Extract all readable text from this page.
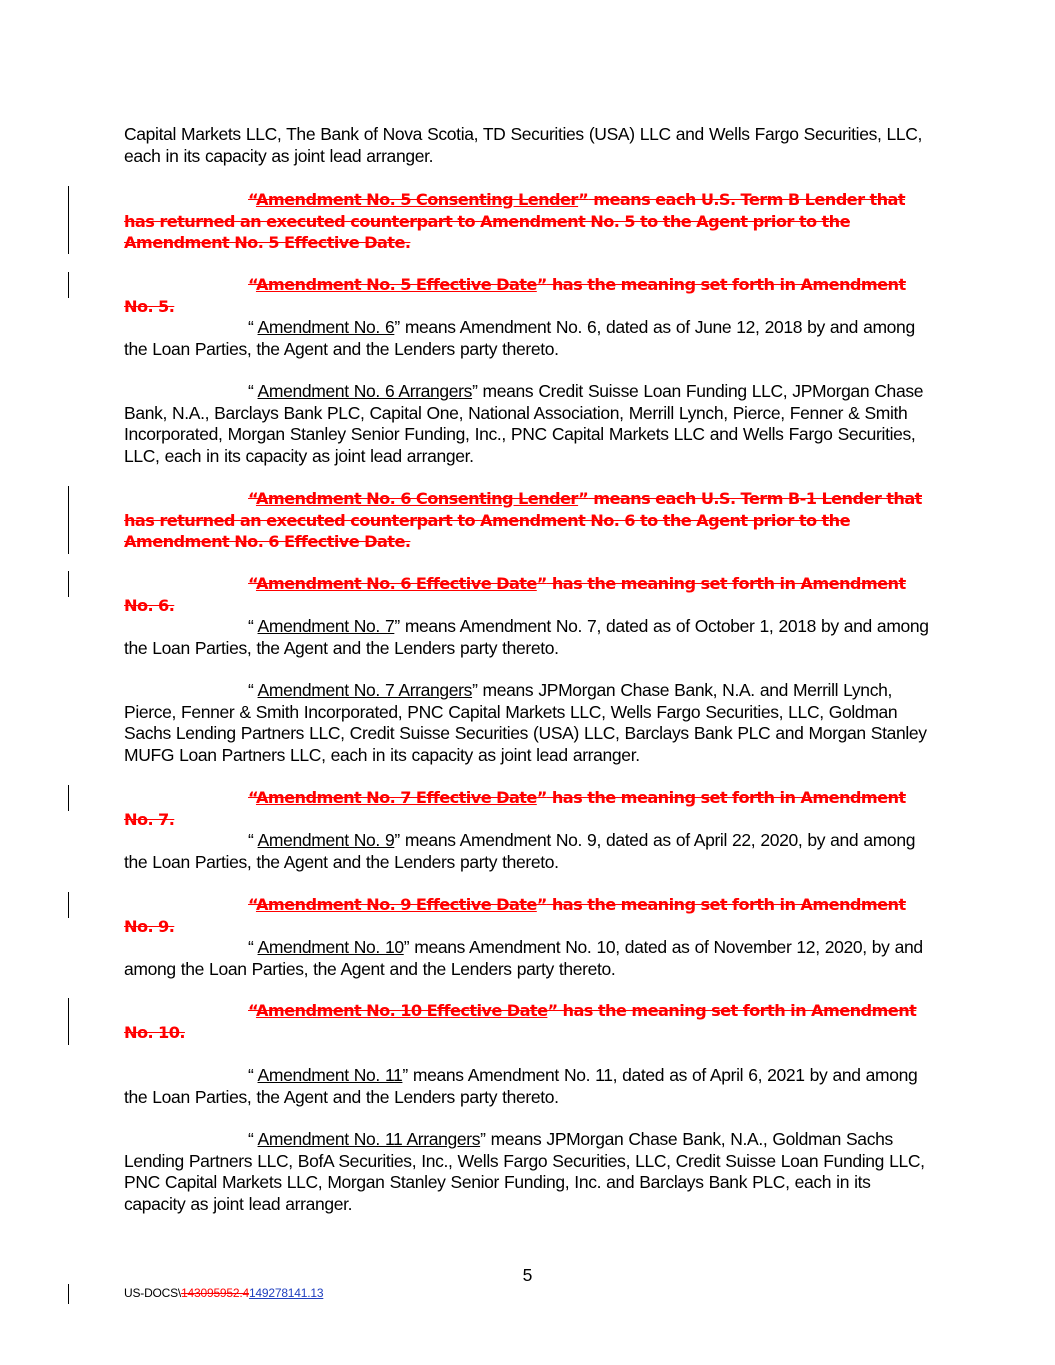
Capital Markets LLC, The Bank of Nova Scotia, TD Securities (USA) LLC and Wells Fargo Securities, LLC, each in its capacity as joint lead arranger.
“Amendment No. 5 Consenting Lender” means each U.S. Term B Lender that has returned an executed counterpart to Amendment No. 5 to the Agent prior to the Amendment No. 5 Effective Date.
“Amendment No. 5 Effective Date” has the meaning set forth in Amendment No. 5.
“ Amendment No. 6” means Amendment No. 6, dated as of June 12, 2018 by and among the Loan Parties, the Agent and the Lenders party thereto.
“ Amendment No. 6 Arrangers” means Credit Suisse Loan Funding LLC, JPMorgan Chase Bank, N.A., Barclays Bank PLC, Capital One, National Association, Merrill Lynch, Pierce, Fenner & Smith Incorporated, Morgan Stanley Senior Funding, Inc., PNC Capital Markets LLC and Wells Fargo Securities, LLC, each in its capacity as joint lead arranger.
“Amendment No. 6 Consenting Lender” means each U.S. Term B-1 Lender that has returned an executed counterpart to Amendment No. 6 to the Agent prior to the Amendment No. 6 Effective Date.
“Amendment No. 6 Effective Date” has the meaning set forth in Amendment No. 6.
“ Amendment No. 7” means Amendment No. 7, dated as of October 1, 2018 by and among the Loan Parties, the Agent and the Lenders party thereto.
“ Amendment No. 7 Arrangers” means JPMorgan Chase Bank, N.A. and Merrill Lynch, Pierce, Fenner & Smith Incorporated, PNC Capital Markets LLC, Wells Fargo Securities, LLC, Goldman Sachs Lending Partners LLC, Credit Suisse Securities (USA) LLC, Barclays Bank PLC and Morgan Stanley MUFG Loan Partners LLC, each in its capacity as joint lead arranger.
“Amendment No. 7 Effective Date” has the meaning set forth in Amendment No. 7.
“ Amendment No. 9” means Amendment No. 9, dated as of April 22, 2020, by and among the Loan Parties, the Agent and the Lenders party thereto.
“Amendment No. 9 Effective Date” has the meaning set forth in Amendment No. 9.
“ Amendment No. 10” means Amendment No. 10, dated as of November 12, 2020, by and among the Loan Parties, the Agent and the Lenders party thereto.
“Amendment No. 10 Effective Date” has the meaning set forth in Amendment No. 10.
“ Amendment No. 11” means Amendment No. 11, dated as of April 6, 2021 by and among the Loan Parties, the Agent and the Lenders party thereto.
“ Amendment No. 11 Arrangers” means JPMorgan Chase Bank, N.A., Goldman Sachs Lending Partners LLC, BofA Securities, Inc., Wells Fargo Securities, LLC, Credit Suisse Loan Funding LLC, PNC Capital Markets LLC, Morgan Stanley Senior Funding, Inc. and Barclays Bank PLC, each in its capacity as joint lead arranger.
5
US-DOCS\143095952.4149278141.13
